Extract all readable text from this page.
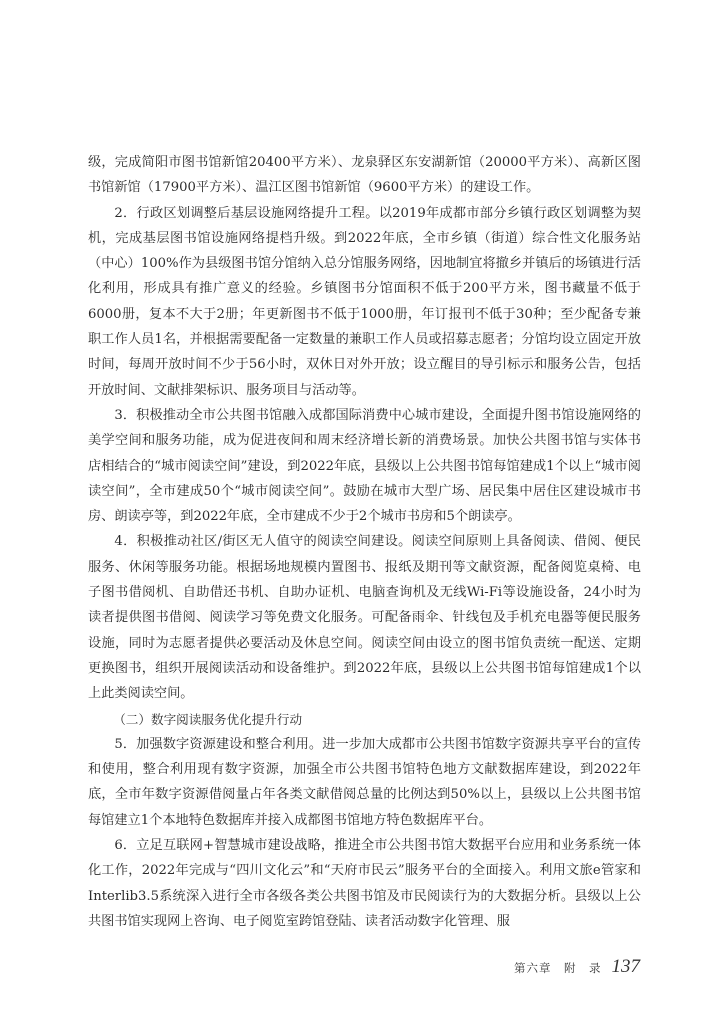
级，完成简阳市图书馆新馆20400平方米）、龙泉驿区东安湖新馆（20000平方米）、高新区图书馆新馆（17900平方米）、温江区图书馆新馆（9600平方米）的建设工作。

2．行政区划调整后基层设施网络提升工程。以2019年成都市部分乡镇行政区划调整为契机，完成基层图书馆设施网络提档升级。到2022年底，全市乡镇（街道）综合性文化服务站（中心）100%作为县级图书馆分馆纳入总分馆服务网络，因地制宜将撤乡并镇后的场镇进行活化利用，形成具有推广意义的经验。乡镇图书分馆面积不低于200平方米，图书藏量不低于6000册，复本不大于2册；年更新图书不低于1000册，年订报刊不低于30种；至少配备专兼职工作人员1名，并根据需要配备一定数量的兼职工作人员或招募志愿者；分馆均设立固定开放时间，每周开放时间不少于56小时，双休日对外开放；设立醒目的导引标示和服务公告，包括开放时间、文献排架标识、服务项目与活动等。

3．积极推动全市公共图书馆融入成都国际消费中心城市建设，全面提升图书馆设施网络的美学空间和服务功能，成为促进夜间和周末经济增长新的消费场景。加快公共图书馆与实体书店相结合的“城市阅读空间”建设，到2022年底，县级以上公共图书馆每馆建成1个以上“城市阅读空间”，全市建成50个“城市阅读空间”。鼓励在城市大型广场、居民集中居住区建设城市书房、朗读亭等，到2022年底，全市建成不少于2个城市书房和5个朗读亭。

4．积极推动社区/街区无人值守的阅读空间建设。阅读空间原则上具备阅读、借阅、便民服务、休闲等服务功能。根据场地规模内置图书、报纸及期刊等文献资源，配备阅览桌椅、电子图书借阅机、自助借还书机、自助办证机、电脑查询机及无线Wi-Fi等设施设备，24小时为读者提供图书借阅、阅读学习等免费文化服务。可配备雨伞、针线包及手机充电器等便民服务设施，同时为志愿者提供必要活动及休息空间。阅读空间由设立的图书馆负责统一配送、定期更换图书，组织开展阅读活动和设备维护。到2022年底，县级以上公共图书馆每馆建成1个以上此类阅读空间。

（二）数字阅读服务优化提升行动

5．加强数字资源建设和整合利用。进一步加大成都市公共图书馆数字资源共享平台的宣传和使用，整合利用现有数字资源，加强全市公共图书馆特色地方文献数据库建设，到2022年底，全市年数字资源借阅量占年各类文献借阅总量的比例达到50%以上，县级以上公共图书馆每馆建立1个本地特色数据库并接入成都图书馆地方特色数据库平台。

6．立足互联网+智慧城市建设战略，推进全市公共图书馆大数据平台应用和业务系统一体化工作，2022年完成与“四川文化云”和“天府市民云”服务平台的全面接入。利用文旅e管家和Interlib3.5系统深入进行全市各级各类公共图书馆及市民阅读行为的大数据分析。县级以上公共图书馆实现网上咨询、电子阅览室跨馆登陆、读者活动数字化管理、服

第六章　附　录 137
